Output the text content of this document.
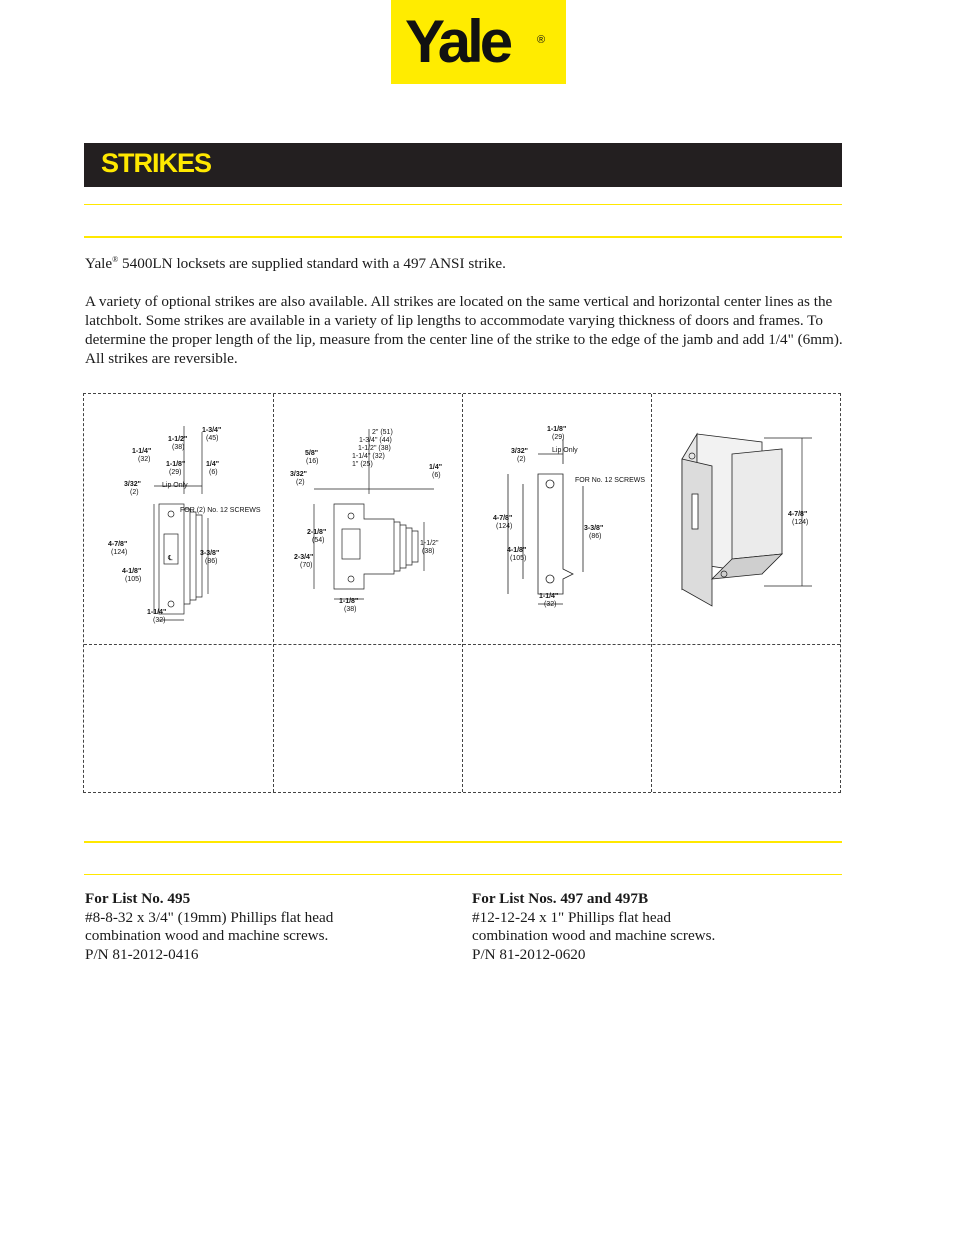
Yale	®
STRIKES

Yale® 5400LN locksets are supplied standard with a 497 ANSI strike.

A variety of optional strikes are also available. All strikes are located on the same vertical and horizontal center lines as the latchbolt. Some strikes are available in a variety of lip lengths to accommodate varying thickness of doors and frames. To determine the proper length of the lip, measure from the center line of the strike to the edge of the jamb and add 1/4" (6mm). All strikes are reversible.

1-3/4"
(45)
1-1/2"
(38)
1-1/4"
(32)
1-1/8"
(29)
1/4"
(6)
Lip Only
3/32"
(2)
FOR (2) No. 12 SCREWS
4-7/8"
(124)
4-1/8"
(105)
℄
3-3/8"
(86)
1-1/4"
(32)
2" (51)
1-3/4" (44)
1-1/2" (38)
1-1/4" (32)
1" (25)
5/8"
(16)
3/32"
(2)
1/4"
(6)
2-1/8"
(54)
2-3/4"
(70)
1-1/2"
(38)
1-1/8"
(38)
1-1/8"
(29)
3/32"
(2)
Lip Only
FOR No. 12 SCREWS
4-7/8"
(124)	3-3/8"
(86)
4-1/8"
(105)
1-1/4"
(32)
4-7/8"
(124)
For List No. 495
#8-8-32 x 3/4" (19mm) Phillips flat head
combination wood and machine screws.
P/N 81-2012-0416
For List Nos. 497 and 497B
#12-12-24 x 1" Phillips flat head
combination wood and machine screws.
P/N 81-2012-0620
